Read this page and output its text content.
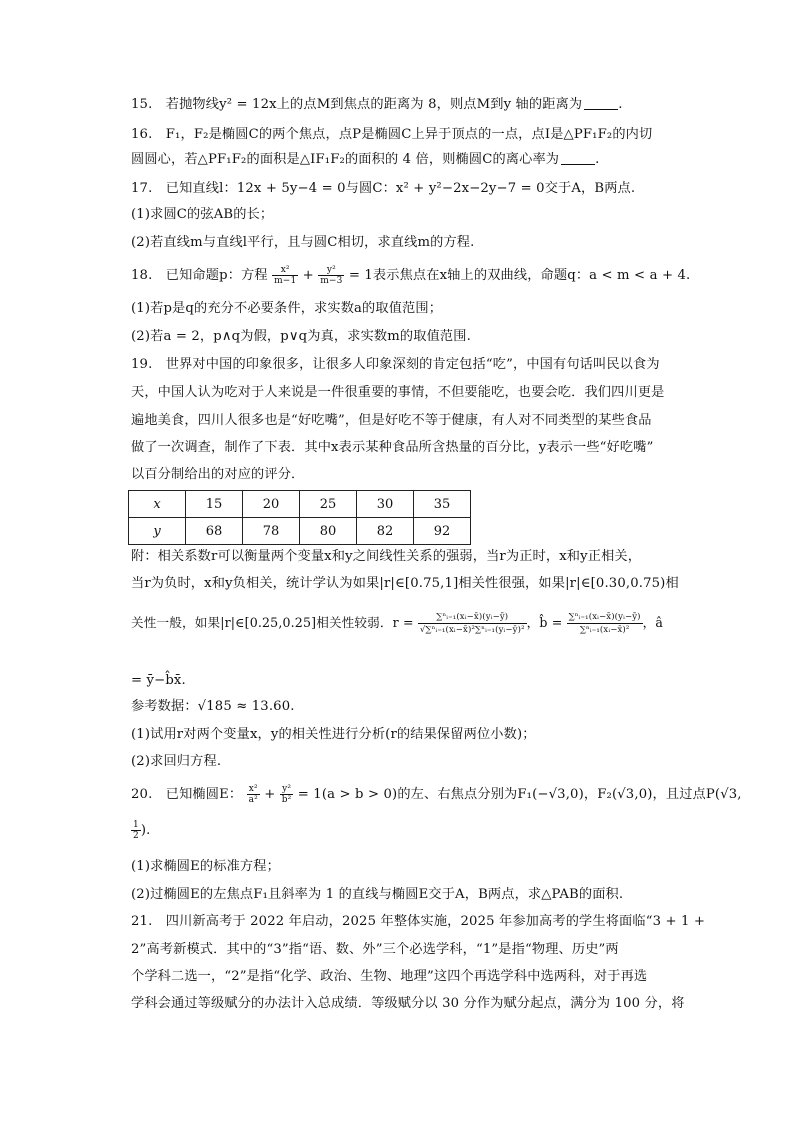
15.　若抛物线y² = 12x上的点M到焦点的距离为 8，则点M到y 轴的距离为	.
16.　F₁，F₂是椭圆C的两个焦点，点P是椭圆C上异于顶点的一点，点I是△PF₁F₂的内切
圆圆心，若△PF₁F₂的面积是△IF₁F₂的面积的 4 倍，则椭圆C的离心率为	.
17.　已知直线l：12x + 5y−4 = 0与圆C：x² + y²−2x−2y−7 = 0交于A，B两点.
(1)求圆C的弦AB的长；
(2)若直线m与直线l平行，且与圆C相切，求直线m的方程.
18.　已知命题p：方程 $\frac{\text{x²}}{m-1} + \frac{\text{y²}}{m-3} = 1$表示焦点在x轴上的双曲线，命题q：a < m < a + 4.
(1)若p是q的充分不必要条件，求实数a的取值范围；
(2)若a = 2，p∧q为假，p∨q为真，求实数m的取值范围.
19.　世界对中国的印象很多，让很多人印象深刻的肯定包括“吃”，中国有句话叫民以食为
天，中国人认为吃对于人来说是一件很重要的事情，不但要能吃，也要会吃．我们四川更是
遍地美食，四川人很多也是“好吃嘴”，但是好吃不等于健康，有人对不同类型的某些食品
做了一次调查，制作了下表．其中x表示某种食品所含热量的百分比，y表示一些“好吃嘴”
以百分制给出的对应的评分．
x	15	20	25	30	35
y	68	78	80	82	92
附：相关系数r可以衡量两个变量x和y之间线性关系的强弱，当r为正时，x和y正相关，
当r为负时，x和y负相关，统计学认为如果|r|∈[0.75,1]相关性很强，如果|r|∈[0.30,0.75)相
关性一般，如果|r|∈[0.25,0.25]相关性较弱．$r = \frac{\text{∑ⁿᵢ₌₁(xᵢ−x̄)(yᵢ−ȳ)}}{\text{√∑ⁿᵢ₌₁(xᵢ−x̄)²∑ⁿᵢ₌₁(yᵢ−ȳ)²}}$ ，b̂ = $\frac{\text{∑ⁿᵢ₌₁(xᵢ−x̄)(yᵢ−ȳ)}}{\text{∑ⁿᵢ₌₁(xᵢ−x̄)²}}$ ，â
= ȳ−b̂x̄.
参考数据：√185 ≈ 13.60.
(1)试用r对两个变量x，y的相关性进行分析(r的结果保留两位小数)；
(2)求回归方程.
20.　已知椭圆E： $\frac{\text{x²}}{\text{a²}} + \frac{\text{y²}}{\text{b²}} = 1(a > b > 0)$的左、右焦点分别为F₁(−√3,0)，F₂(√3,0)，且过点P(√3,
$\frac{1}{2}$ ).
(1)求椭圆E的标准方程；
(2)过椭圆E的左焦点F₁且斜率为 1 的直线与椭圆E交于A，B两点，求△PAB的面积.
21.　四川新高考于 2022 年启动，2025 年整体实施，2025 年参加高考的学生将面临“3 + 1 +
2”高考新模式．其中的“3”指“语、数、外”三个必选学科，“1”是指“物理、历史”两
个学科二选一，“2”是指“化学、政治、生物、地理”这四个再选学科中选两科，对于再选
学科会通过等级赋分的办法计入总成绩．等级赋分以 30 分作为赋分起点，满分为 100 分，将
